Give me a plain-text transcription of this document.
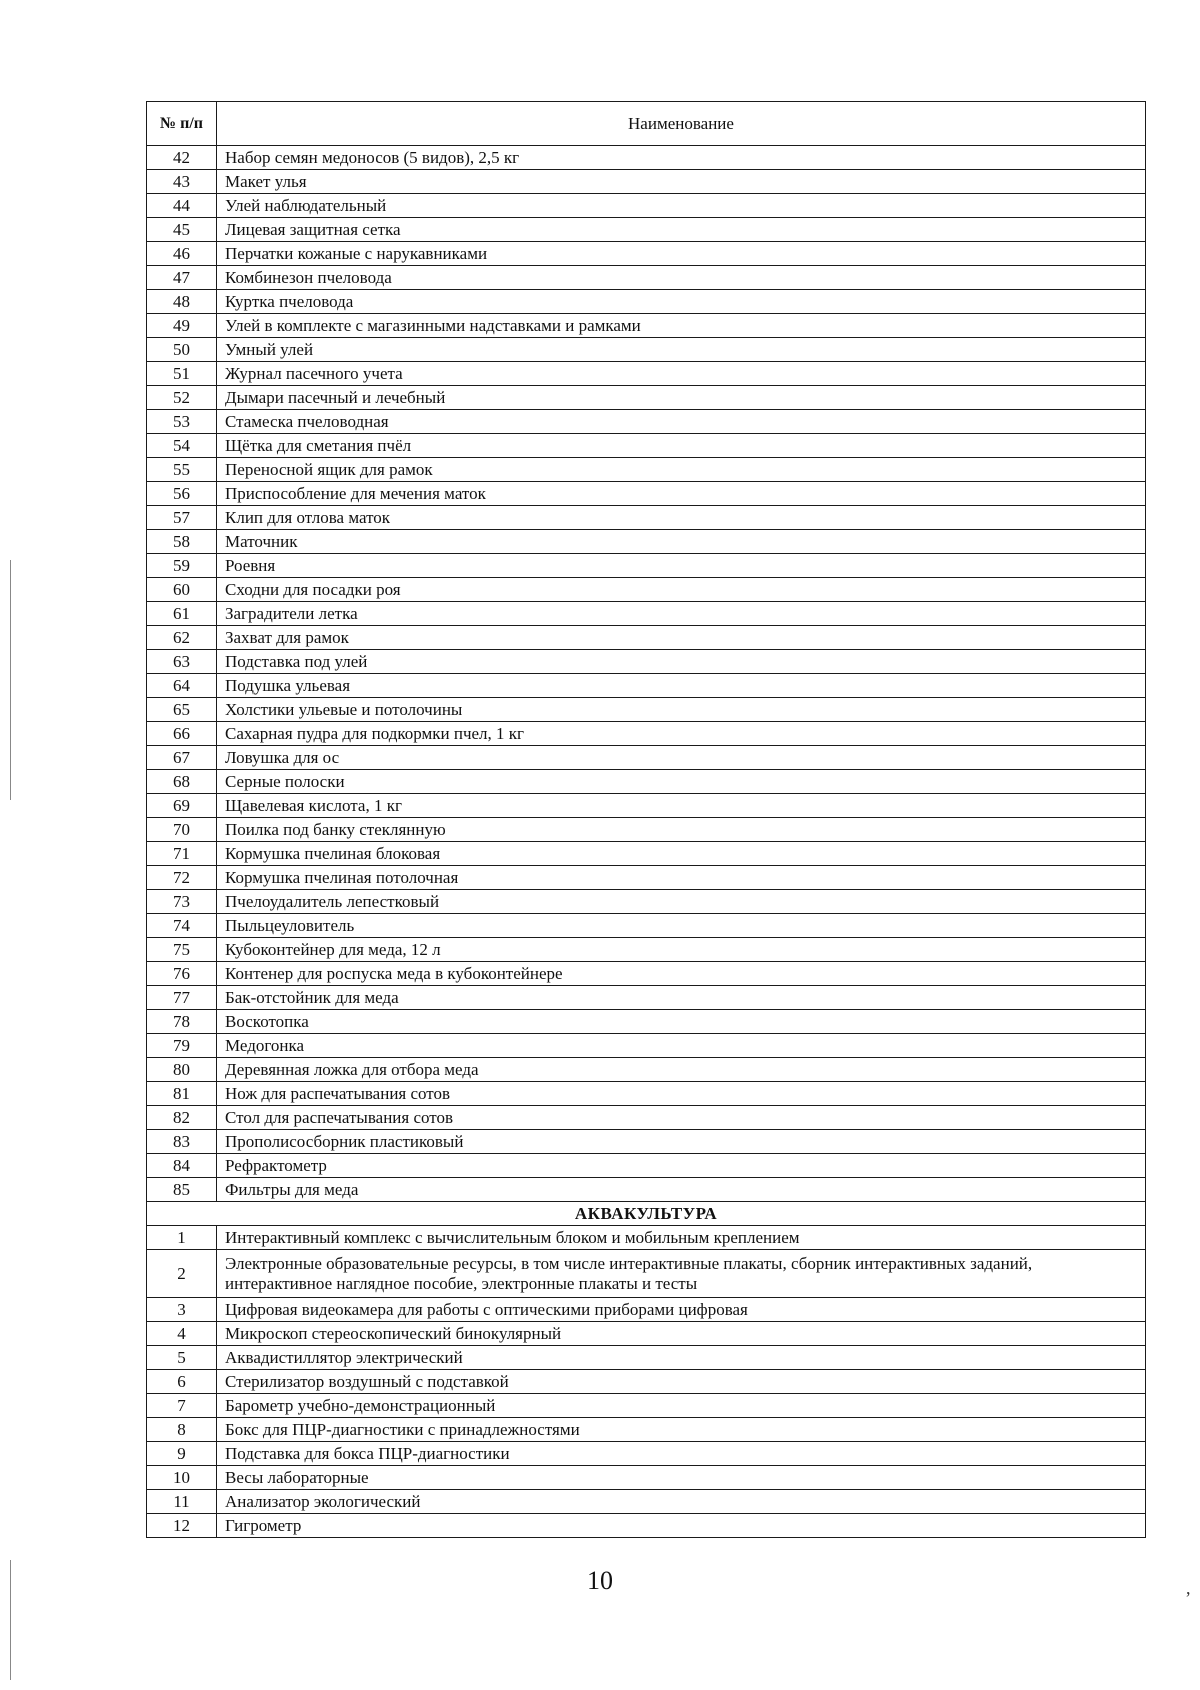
,
№ п/п	Наименование
42	Набор семян медоносов (5 видов), 2,5 кг
43	Макет улья
44	Улей наблюдательный
45	Лицевая защитная сетка
46	Перчатки кожаные с нарукавниками
47	Комбинезон пчеловода
48	Куртка пчеловода
49	Улей в комплекте с магазинными надставками и рамками
50	Умный улей
51	Журнал пасечного учета
52	Дымари пасечный и лечебный
53	Стамеска пчеловодная
54	Щётка для сметания пчёл
55	Переносной ящик для рамок
56	Приспособление для мечения маток
57	Клип для отлова маток
58	Маточник
59	Роевня
60	Сходни для посадки роя
61	Заградители летка
62	Захват для рамок
63	Подставка под улей
64	Подушка ульевая
65	Холстики ульевые и потолочины
66	Сахарная пудра для подкормки пчел, 1 кг
67	Ловушка для ос
68	Серные полоски
69	Щавелевая кислота, 1 кг
70	Поилка под банку стеклянную
71	Кормушка пчелиная блоковая
72	Кормушка пчелиная потолочная
73	Пчелоудалитель лепестковый
74	Пыльцеуловитель
75	Кубоконтейнер для меда, 12 л
76	Контенер для роспуска меда в кубоконтейнере
77	Бак-отстойник для меда
78	Воскотопка
79	Медогонка
80	Деревянная ложка для отбора меда
81	Нож для распечатывания сотов
82	Стол для распечатывания сотов
83	Прополисосборник пластиковый
84	Рефрактометр
85	Фильтры для меда
АКВАКУЛЬТУРА	
1	Интерактивный комплекс с вычислительным блоком и мобильным креплением
2	Электронные образовательные ресурсы, в том числе интерактивные плакаты, сборник интерактивных заданий, интерактивное наглядное пособие, электронные плакаты и тесты
3	Цифровая видеокамера для работы с оптическими приборами цифровая
4	Микроскоп стереоскопический бинокулярный
5	Аквадистиллятор электрический
6	Стерилизатор воздушный с подставкой
7	Барометр учебно-демонстрационный
8	Бокс для ПЦР-диагностики с принадлежностями
9	Подставка для бокса ПЦР-диагностики
10	Весы лабораторные
11	Анализатор экологический
12	Гигрометр
10
